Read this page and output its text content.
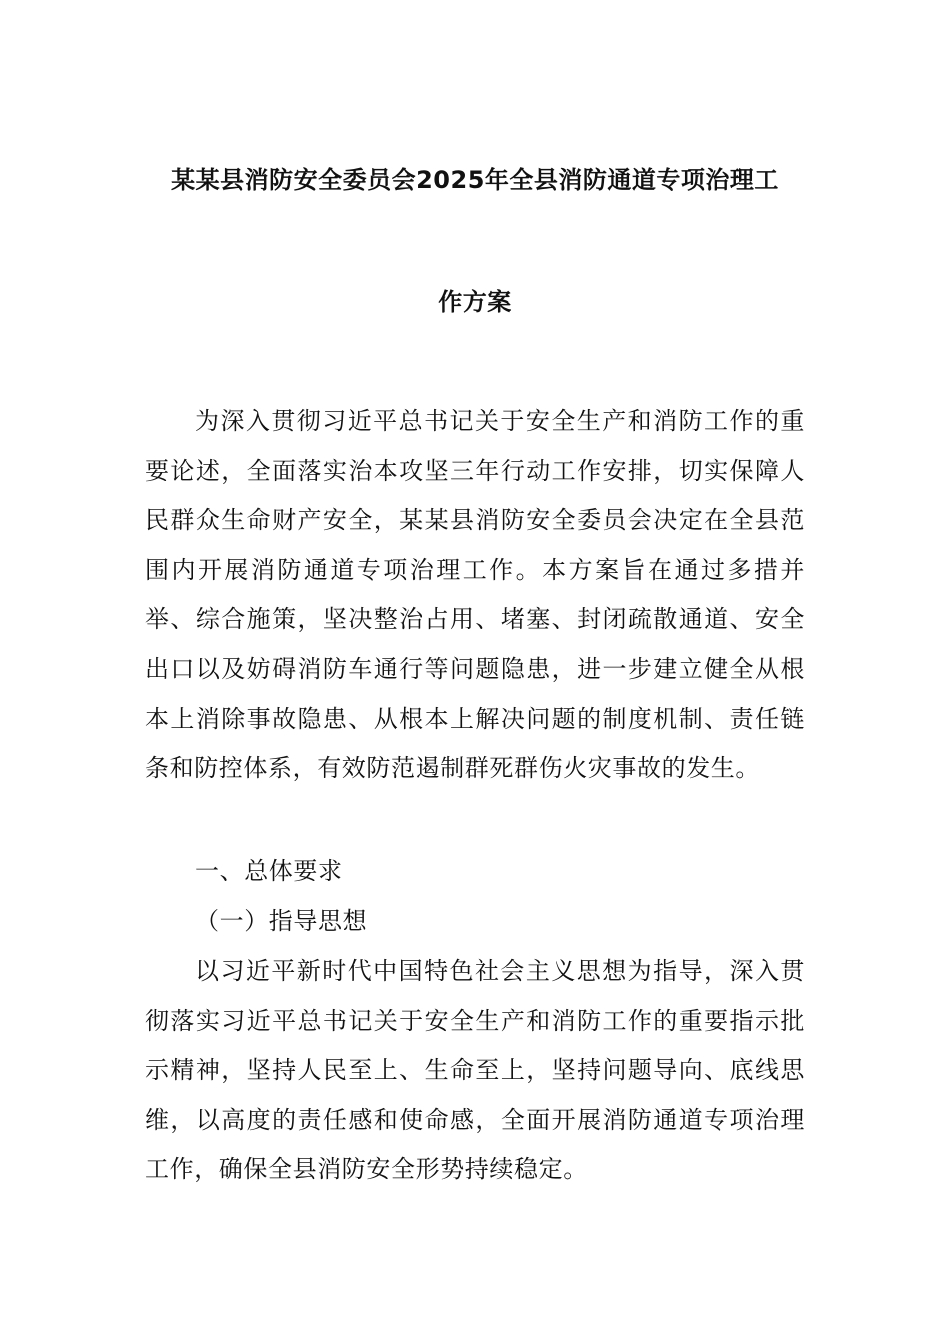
某某县消防安全委员会2025年全县消防通道专项治理工
作方案

为深入贯彻习近平总书记关于安全生产和消防工作的重要论述，全面落实治本攻坚三年行动工作安排，切实保障人民群众生命财产安全，某某县消防安全委员会决定在全县范围内开展消防通道专项治理工作。本方案旨在通过多措并举、综合施策，坚决整治占用、堵塞、封闭疏散通道、安全出口以及妨碍消防车通行等问题隐患，进一步建立健全从根本上消除事故隐患、从根本上解决问题的制度机制、责任链条和防控体系，有效防范遏制群死群伤火灾事故的发生。

一、总体要求

（一）指导思想

以习近平新时代中国特色社会主义思想为指导，深入贯彻落实习近平总书记关于安全生产和消防工作的重要指示批示精神，坚持人民至上、生命至上，坚持问题导向、底线思维，以高度的责任感和使命感，全面开展消防通道专项治理工作，确保全县消防安全形势持续稳定。
